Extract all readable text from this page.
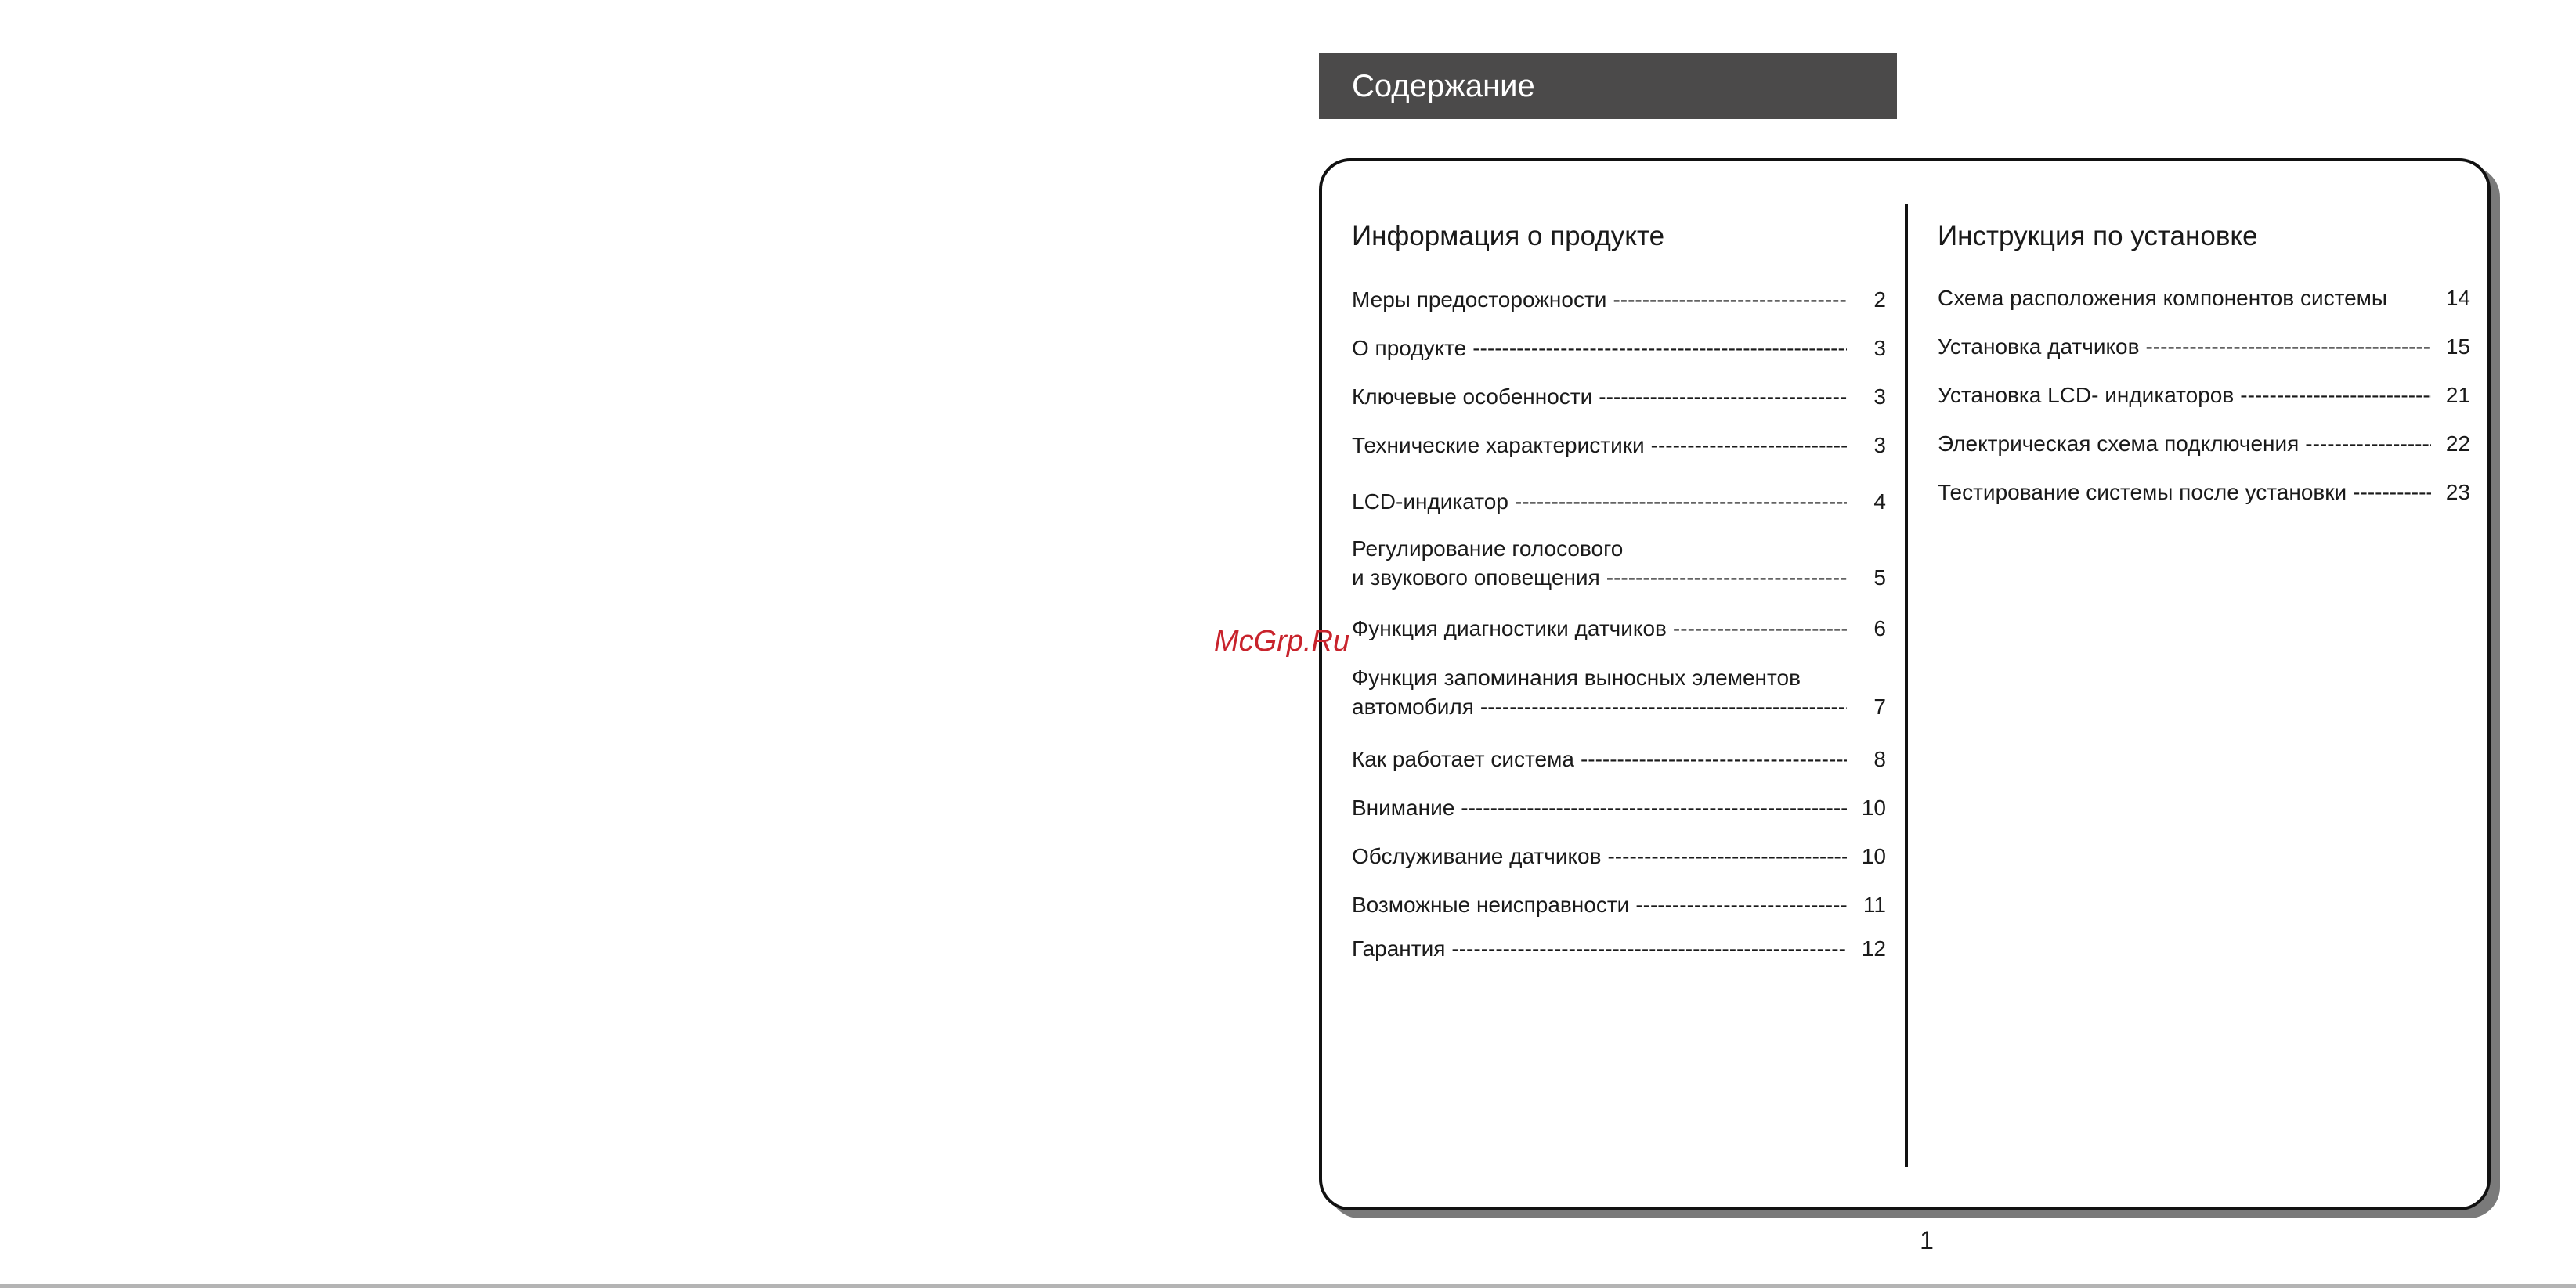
Содержание
Информация о продукте
Меры предосторожности -----	2
О продукте -----	3
Ключевые особенности -----	3
Технические характеристики -----	3
LCD-индикатор -----	4
Регулирование голосового
и звукового оповещения -----	5
Функция диагностики датчиков -----	6
Функция запоминания выносных элементов
автомобиля -----	7
Как работает система -----	8
Внимание -----	10
Обслуживание датчиков -----	10
Возможные неисправности -----	11
Гарантия -----	12
Инструкция по установке
Схема расположения компонентов системы	14
Установка датчиков -----	15
Установка LCD- индикаторов -----	21
Электрическая схема подключения -----	22
Тестирование системы после установки -----	23
McGrp.Ru
1
